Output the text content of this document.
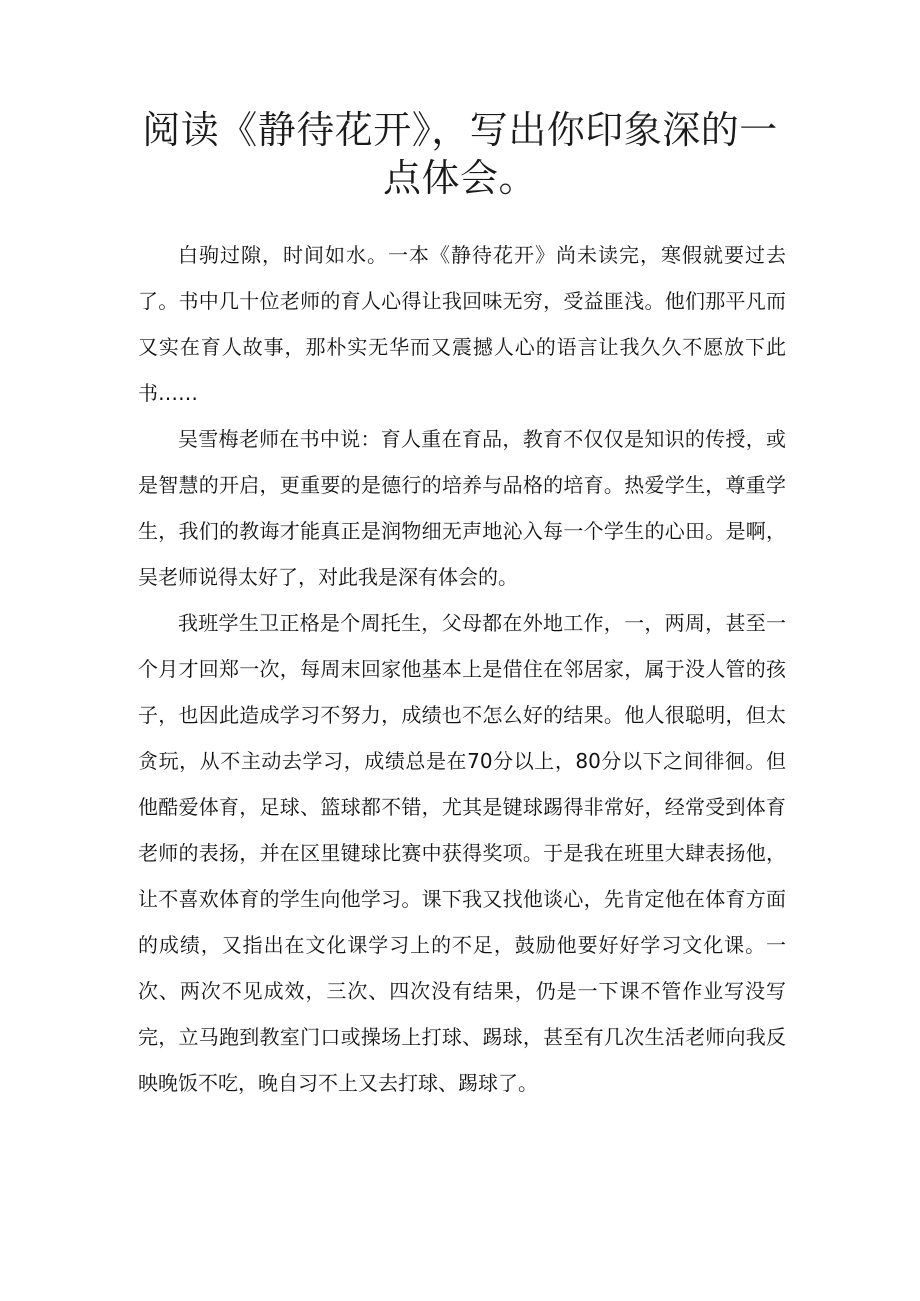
阅读《静待花开》，写出你印象深的一点体会。

白驹过隙，时间如水。一本《静待花开》尚未读完，寒假就要过去了。书中几十位老师的育人心得让我回味无穷，受益匪浅。他们那平凡而又实在育人故事，那朴实无华而又震撼人心的语言让我久久不愿放下此书……

吴雪梅老师在书中说：育人重在育品，教育不仅仅是知识的传授，或是智慧的开启，更重要的是德行的培养与品格的培育。热爱学生，尊重学生，我们的教诲才能真正是润物细无声地沁入每一个学生的心田。是啊，吴老师说得太好了，对此我是深有体会的。

我班学生卫正格是个周托生，父母都在外地工作，一，两周，甚至一个月才回郑一次，每周末回家他基本上是借住在邻居家，属于没人管的孩子，也因此造成学习不努力，成绩也不怎么好的结果。他人很聪明，但太贪玩，从不主动去学习，成绩总是在70分以上，80分以下之间徘徊。但他酷爱体育，足球、篮球都不错，尤其是键球踢得非常好，经常受到体育老师的表扬，并在区里键球比赛中获得奖项。于是我在班里大肆表扬他，让不喜欢体育的学生向他学习。课下我又找他谈心，先肯定他在体育方面的成绩，又指出在文化课学习上的不足，鼓励他要好好学习文化课。一次、两次不见成效，三次、四次没有结果，仍是一下课不管作业写没写完，立马跑到教室门口或操场上打球、踢球，甚至有几次生活老师向我反映晚饭不吃，晚自习不上又去打球、踢球了。
